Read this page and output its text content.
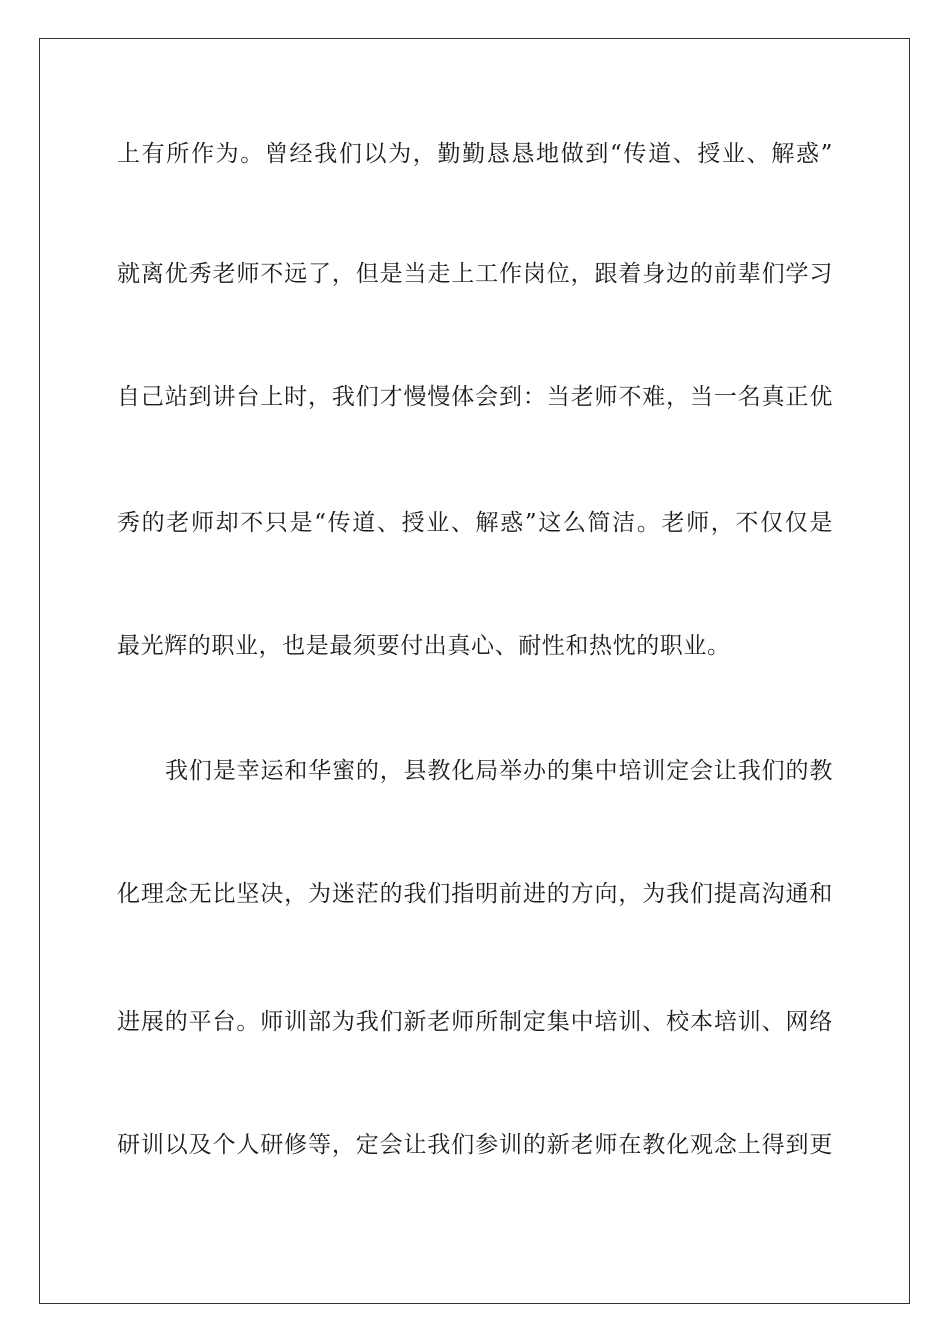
上有所作为。曾经我们以为，勤勤恳恳地做到“传道、授业、解惑”
就离优秀老师不远了，但是当走上工作岗位，跟着身边的前辈们学习
自己站到讲台上时，我们才慢慢体会到：当老师不难，当一名真正优
秀的老师却不只是“传道、授业、解惑”这么简洁。老师，不仅仅是
最光辉的职业，也是最须要付出真心、耐性和热忱的职业。
我们是幸运和华蜜的，县教化局举办的集中培训定会让我们的教
化理念无比坚决，为迷茫的我们指明前进的方向，为我们提高沟通和
进展的平台。师训部为我们新老师所制定集中培训、校本培训、网络
研训以及个人研修等，定会让我们参训的新老师在教化观念上得到更
